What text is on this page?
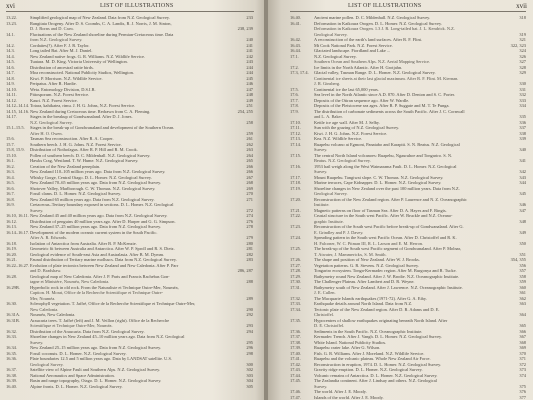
xvi	LIST OF ILLUSTRATIONS
13.22.	Simplified geological map of New Zealand. Data from N.Z. Geological Survey.	233
13.23.	Rangitata Orogeny. After D. S. Coombs, C. A. Landis, R. J. Norris, J. M. Sinton,
D. J. Borns and D. Craw.	238, 239
14.1.	Fluctuations of the New Zealand shoreline during Permian-Cretaceous time. Data
from N.Z. Geological Survey.	240
14.2.	Cordaites(?). After F. J. R. Taylor.	241
14.3.	Long tailed Bat. After M. J. Daniel.	241
14.4.	New Zealand native frogs. G. R. Williams. N.Z. Wildlife Service.	242
14.5.	Tuatara. M. D. King. Victoria University of Wellington.	243
14.6.	Distribution of ancestral ratite birds.	244
14.7.	Moa reconstructed. National Publicity Studios, Wellington.	244
14.8.	Kiwi. P. Morrison. N.Z. Wildlife Service.	245
14.9.	Peripatus. After R. Hardie.	246
14.10.	Weta. Entomology Division, D.S.I.R.	247
14.11.	Pittosporum. N.Z. Forest Service.	248
14.12.	Kauri. N.Z. Forest Service.	249
14.12–14.14. Totara, kahikatea, rimu. J. H. G. Johns, N.Z. Forest Service.	251
14.15, 14.16. New Zealand during Cretaceous time. Redrawn from C. A. Fleming.	254, 255
14.17.	Stages in the breakup of Gondwanaland. After D. J. Jones.
N.Z. Geological Survey.	258
15.1–15.5.	Stages in the break-up of Gondwanaland and development of the Southern Ocean.
After H. O. Owen.	259
15.6.	Tasman Sea reconstruction. After R. A. Cooper.	261
15.7.	Southern beech. J. H. G. Johns. N.Z. Forest Service.	262
15.8, 15.9.	Distribution of Nothofagus. After R. P. Hill and R. M. Crook.	263
15.10.	Pollen of southern beech. D. C. Mildenhall. N.Z. Geological Survey.	264
16.1.	Hawks Crag, Westland. T. W. Hume. N.Z. Geological Survey.	265
16.2.	Creation of the New Zealand peneplain.	266
16.3.	New Zealand 110–105 million years ago. Data from N.Z. Geological Survey.	266
16.4.	Whisky Gorge, Central Otago. D. L. Homer. N.Z. Geological Survey.	267
16.5.	New Zealand 70–65 million years ago. Data from N.Z. Geological Survey.	268
16.6.	Shotover Valley, Marlborough. C. W. Thomas. N.Z. Geological Survey.	269
16.7.	Fossil clams. D. L. Homer. N.Z. Geological Survey.	270
16.8.	New Zealand 65 million years ago. Data from N.Z. Geological Survey.	271
16.9.	Cretaceous–Tertiary boundary exposed in sections. D. L. Homer. N.Z. Geological
Survey.	272
16.10, 16.11. New Zealand 45 and 40 million years ago. Data from N.Z. Geological Survey.	274
16.12.	Distribution of penguins 40 million years ago. After D. Harper and G. G. Simpson.	276
16.13.	New Zealand 37–25 million years ago. Data from N.Z. Geological Survey.	278
16.14–16.17. Development of the modern oceanic current system in the South Pacific.
After A. R. Edwards.	279
16.18.	Isolation of Antarctica from Australia. After B. P. McKenzie.	280
16.19.	Geometric fit between Australia and Antarctica. After W. P. Sproll and R. S. Dietz.	281
16.20.	Geological evidence of South-east Asia and Australasia. After B. M. Dymm.	282
16.21.	Faunal distribution of Tertiary marine molluscs. Data from N.Z. Geological Survey.	283
16.22–16.27. Evolution of plate tectonics between New Zealand and New Caledonia. After P. Parr
and D. Bradshaw.	286, 287
16.28.	Geological map of New Caledonia. After J. P. Paris and Francis Rachebas Gon-
tagne et Ministère, Nouméa, New Caledonia.	288
16.29B.	Hyperbolic rock in old rock. From the Naturaliste et Technique Outre-Mer, Nouméa,
Caption. H. Morat, Office de la Recherche Scientifique et Technique Outre-
Mer, Nouméa.	289
16.30.	Sclerophyll vegetation. T. Jaffré, Office de la Recherche Scientifique et Technique Outre-Mer,
New Caledonia.	290
16.31A.	Nouméa, New Caledonia.	292
16.31B.	Araucaria trees. T. Jaffré (left) and J. M. Veillon (right). Office de la Recherche
Scientifique et Technique Outre-Mer, Nouméa.	293
16.32.	Distribution of the Araucaria. Data from N.Z. Geological Survey.	294
16.33.	Shoreline changes in New Zealand 45–10 million years ago. Data from N.Z. Geological
Survey.	295
16.34.	New Zealand 25–15 million years ago. Data from N.Z. Geological Survey.	296
16.35.	Fossil coconuts. D. L. Homer. N.Z. Geological Survey.	298
16.36.	Plate boundaries 12.5 and 5 million years ago. Data by LANDSAT satellite. U.S.
Geological Survey.	300
16.37.	Satellite view of Alpine Fault and Southern Alps. N.Z. Geological Survey.	302
16.38.	National Aeronautics and Space Administration.	303
16.39.	Basin and range topography, Otago. D. L. Homer. N.Z. Geological Survey.	304
16.40.	Alpine fronts. D. L. Homer. N.Z. Geological Survey.	305
LIST OF ILLUSTRATIONS	xvii
16.40.	Ancient marine pollen. D. C. Mildenhall. N.Z. Geological Survey.	318
16.41.	Deformation in Kaikoura Orogen. D. L. Homer. N.Z. Geological Survey.
Deformation in Kaikoura Orogen. 1.3 J. R. Long-tailed bat. J. L. Kendrick. N.Z.
Geological Survey.	319
16.42.	A reconstruction of the earth's land surfaces. After R. F. Flint.	321
16.43.	Mt Cook National Park. N.Z. Forest Service.	322, 323
16.44.	Glaciated landscape. Fiordland and Lake ...	324
17.1.	N.Z. Geological Survey.	326
Southern Ocean and Southern Alps. N.Z. Aerial Mapping Service.	327
17.2.	Ice limits in the North Atlantic. After H. Grotjahn.	328
17.3, 17.4.	Glacial valley, Tasman Range. D. L. Homer. N.Z. Geological Survey.	329
Continental ice sheets at their last glacial maximum. After R. F. Flint. M. Kiernan.
J. R. Ginsberg.	330
17.5.	Continental ice the last 65,000 years.	331
17.6.	Sea level in the North Atlantic since A.D. 870. After D. Denton and S. C. Porter.	332
17.7.	Deposits of the Otiran sequence ago. After W. Wardle.	333
17.8.	Deposits of the Pleistocene sea ages. After R. P. Suggate and M. T. Te Punga.	334
17.9.	The distribution of carbonate sediments across the South Pacific. After J. C. Cornwall
and L. A. Baker.	335
17.10.	Kettle ice age wall. After M. J. Selby.	336
17.11.	Sun with the grazing of N.Z. Geological Survey.	337
17.12.	Kiwi. J. H. G. Johns. N.Z. Forest Service.	338
17.13.	Kea. N.Z. Wildlife Service.	339
17.14.	Ruapehu volcano at Egmont, Panatabo and Karapiti. S. N. Beatus. N.Z. Geological
Survey.	340
17.15.	The central North Island volcanoes: Ruapehu, Ngauruhoe and Tongariro. S. N.
Beatus. N.Z. Geological Survey.	341
17.16.	1953 hail weigh along the West Waimarama Fault. D. L. Homer. N.Z. Geological
Survey.	342
17.17.	Mount Ruapehu. Tangiwai slope. C. W. Thomas. N.Z. Geological Survey.	343
17.18.	Marine terraces, Cape Kidnapper. D. L. Homer. N.Z. Geological Survey.	344
17.19.	Shoreline changes in New Zealand over the past 100 million years. Data from N.Z.
Geological Survey.	345
17.20.	Reconstruction of the New Zealand region. After P. Laurence and N. Z. Oceanographic
Institute.	346
17.21.	Magnetic patterns on floor of Tasman Sea. After D. A. Hayes and F. Ringis.	347
17.22.	Crustal structure in the South west Pacific. After W. Bruckle and N.Z. Oceano-
graphic Institute.	348
17.23.	Reconstruction of the South west Pacific before break-up of Gondwanaland. After G.
E. Grindley and P. J. Davey.	349
17.24.	Spreading pattern in the South west Pacific Ocean. After D. Christoffel and R. K.
H. Falconer, W. C. Pitman III, R. L. Larson and E. M. Herron.	350
17.25.	The break-up of the South west Pacific segment of Gondwanaland. After P. Molnar,
T. Atwater, J. Mammerickx, S. M. Smith.	351
17.26.	The shape and position of New Zealand. After W. J. Brooks.	354, 355
17.27.	Vegetation patterns. G. R. Stevens. N.Z. Geological Survey.	356
17.28.	Tongariro ecosystem. Tonga-Kermadec region. After M. Burgonya and R. Tucke.	357
17.29.	Bathymetry round New Zealand. After J. W. Brodie. N.Z. Oceanographic Institute.	358
17.30.	The Challenger Plateau. After Lambert and D. R. Weyne.	359
17.31.	Bathymetry south of New Zealand. After J. Lawrence. N.Z. Oceanographic Institute.	360
J. E. Cullen.	361
17.32.	The Macquarie Islands earthquakes (1971-72). After G. A. Eiby.	362
17.33.	Earthquake details around North Island. Data from N.Z.	363
17.34.	Tectonic plate of the New Zealand region. After D. R. Adams and D. E.
Christoffel.	364
17.35.	Hypocentres of shallow earthquakes originating beneath North Island. After
D. E. Christoffel.	365
17.36.	Sediments in the South Pacific. N.Z. Oceanographic Institute.	366
17.37.	Kermadec Trench. After J. Vangh. D. L. Homer. N.Z. Geological Survey.	367
17.38.	White Island. National Publicity Studios.	368
17.39.	Ruapehu crater lake. After G. Wilson.	369
17.40.	Fish. G. R. Williams. After J. Moreland. N.Z. Wildlife Service.	370
17.41.	Ruapehu and the volcanic plateau. Whole New Zealand Air Force.	371
17.42.	Reconstruction in eruption, 1974. D. L. Homer. N.Z. Geological Survey.	372
17.43.	Gravity ridge eruption. D. L. Homer. N.Z. Geological Survey.	373
17.44.	Volcanic remains of Antarctica. D. L. Homer. N.Z. Geological Survey.	374
17.45.	The Zealandia continent. After J. Lindsay and others. N.Z. Geological
Survey.	375
17.46.	The world. After J. E. Moody.	376
17.47.	Islands of the world. After J. E. Moody.	377
